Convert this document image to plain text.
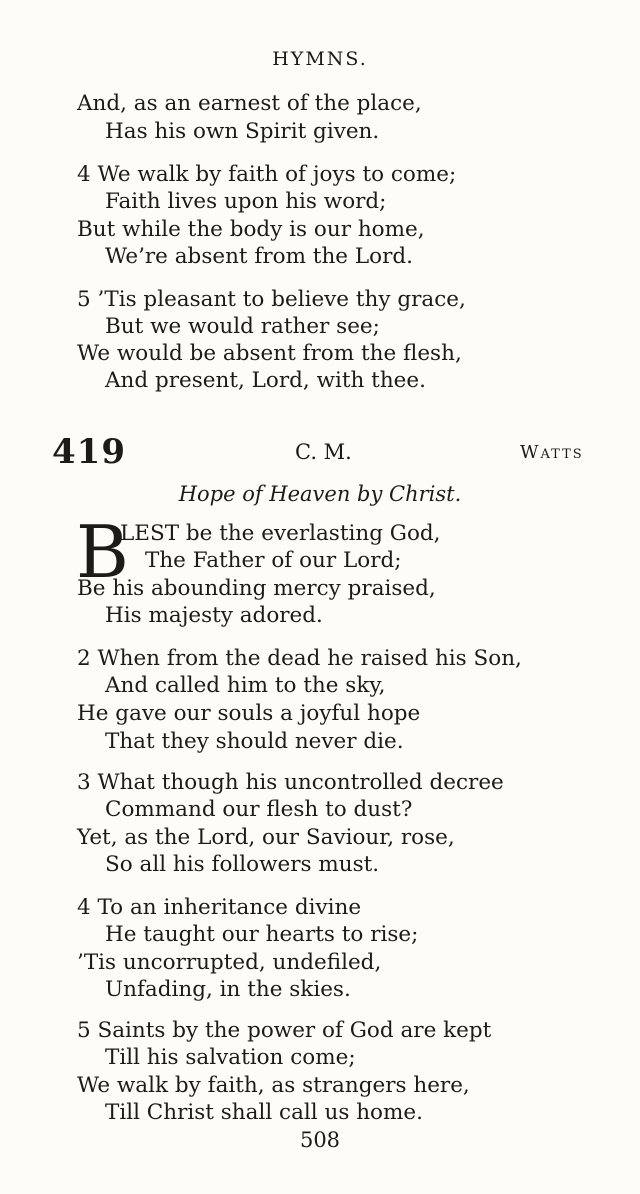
HYMNS.
And, as an earnest of the place,
Has his own Spirit given.
4 We walk by faith of joys to come;
Faith lives upon his word;
But while the body is our home,
We’re absent from the Lord.
5 ’Tis pleasant to believe thy grace,
But we would rather see;
We would be absent from the flesh,
And present, Lord, with thee.
419	C. M.	Watts
Hope of Heaven by Christ.
B
LEST be the everlasting God,
The Father of our Lord;
Be his abounding mercy praised,
His majesty adored.
2 When from the dead he raised his Son,
And called him to the sky,
He gave our souls a joyful hope
That they should never die.
3 What though his uncontrolled decree
Command our flesh to dust?
Yet, as the Lord, our Saviour, rose,
So all his followers must.
4 To an inheritance divine
He taught our hearts to rise;
’Tis uncorrupted, undefiled,
Unfading, in the skies.
5 Saints by the power of God are kept
Till his salvation come;
We walk by faith, as strangers here,
Till Christ shall call us home.
508
